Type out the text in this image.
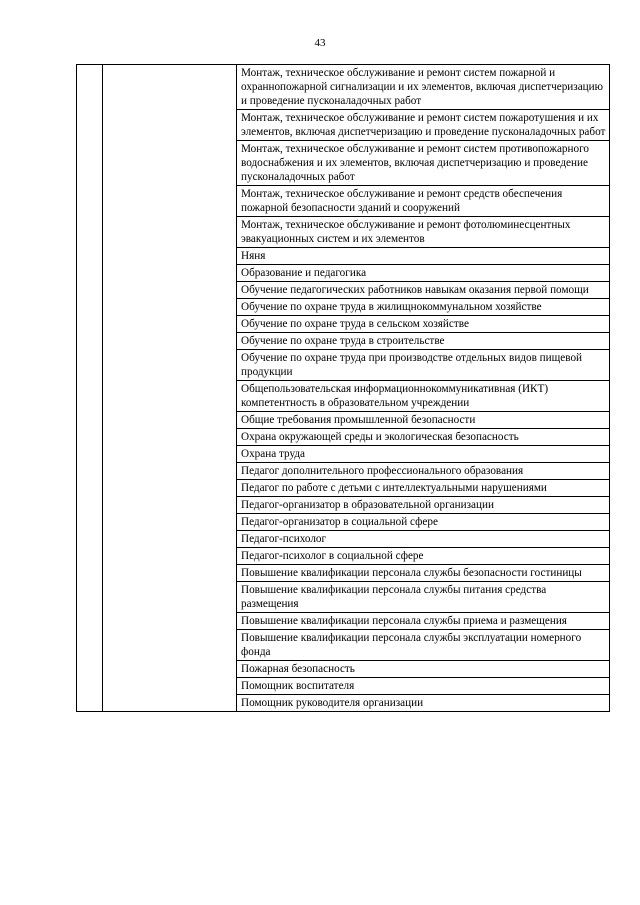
43

Монтаж, техническое обслуживание и ремонт систем пожарной и охраннопожарной сигнализации и их элементов, включая диспетчеризацию и проведение пусконаладочных работ

Монтаж, техническое обслуживание и ремонт систем пожаротушения и их элементов, включая диспетчеризацию и проведение пусконаладочных работ

Монтаж, техническое обслуживание и ремонт систем противопожарного водоснабжения и их элементов, включая диспетчеризацию и проведение пусконаладочных работ

Монтаж, техническое обслуживание и ремонт средств обеспечения пожарной безопасности зданий и сооружений

Монтаж, техническое обслуживание и ремонт фотолюминесцентных эвакуационных систем и их элементов

Няня

Образование и педагогика

Обучение педагогических работников навыкам оказания первой помощи

Обучение по охране труда в жилищнокоммунальном хозяйстве

Обучение по охране труда в сельском хозяйстве

Обучение по охране труда в строительстве

Обучение по охране труда при производстве отдельных видов пищевой продукции

Общепользовательская информационнокоммуникативная (ИКТ) компетентность в образовательном учреждении

Общие требования промышленной безопасности

Охрана окружающей среды и экологическая безопасность

Охрана труда

Педагог дополнительного профессионального образования

Педагог по работе с детьми с интеллектуальными нарушениями

Педагог-организатор в образовательной организации

Педагог-организатор в социальной сфере

Педагог-психолог

Педагог-психолог в социальной сфере

Повышение квалификации персонала службы безопасности гостиницы

Повышение квалификации персонала службы питания средства размещения

Повышение квалификации персонала службы приема и размещения

Повышение квалификации персонала службы эксплуатации номерного фонда

Пожарная безопасность

Помощник воспитателя

Помощник руководителя организации
